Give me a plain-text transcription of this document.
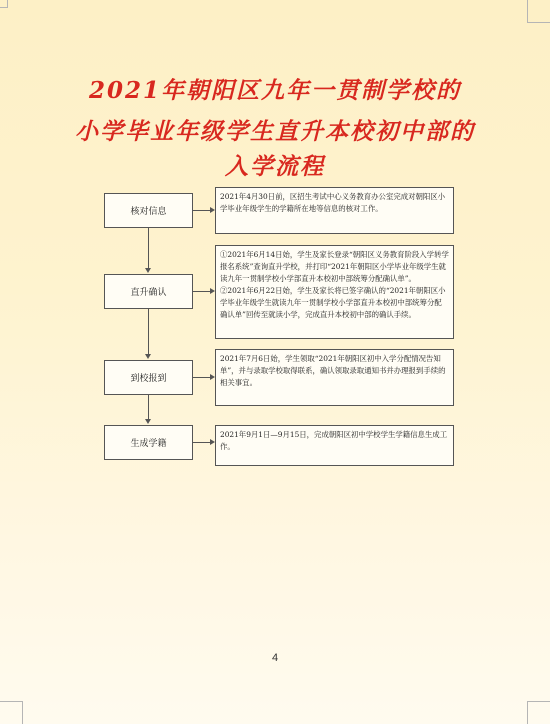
2021年朝阳区九年一贯制学校的
小学毕业年级学生直升本校初中部的
入学流程
核对信息

2021年4月30日前，区招生考试中心义务教育办公室完成对朝阳区小学毕业年级学生的学籍所在地等信息的核对工作。

直升确认

①2021年6月14日始，学生及家长登录“朝阳区义务教育阶段入学转学报名系统”查询直升学校，并打印“2021年朝阳区小学毕业年级学生就读九年一贯制学校小学部直升本校初中部统筹分配确认单”。

②2021年6月22日始，学生及家长将已签字确认的“2021年朝阳区小学毕业年级学生就读九年一贯制学校小学部直升本校初中部统筹分配确认单”回传至就读小学，完成直升本校初中部的确认手续。

到校报到

2021年7月6日始，学生领取“2021年朝阳区初中入学分配情况告知单”，并与录取学校取得联系，确认领取录取通知书并办理报到手续的相关事宜。

生成学籍

2021年9月1日—9月15日，完成朝阳区初中学校学生学籍信息生成工作。

4
